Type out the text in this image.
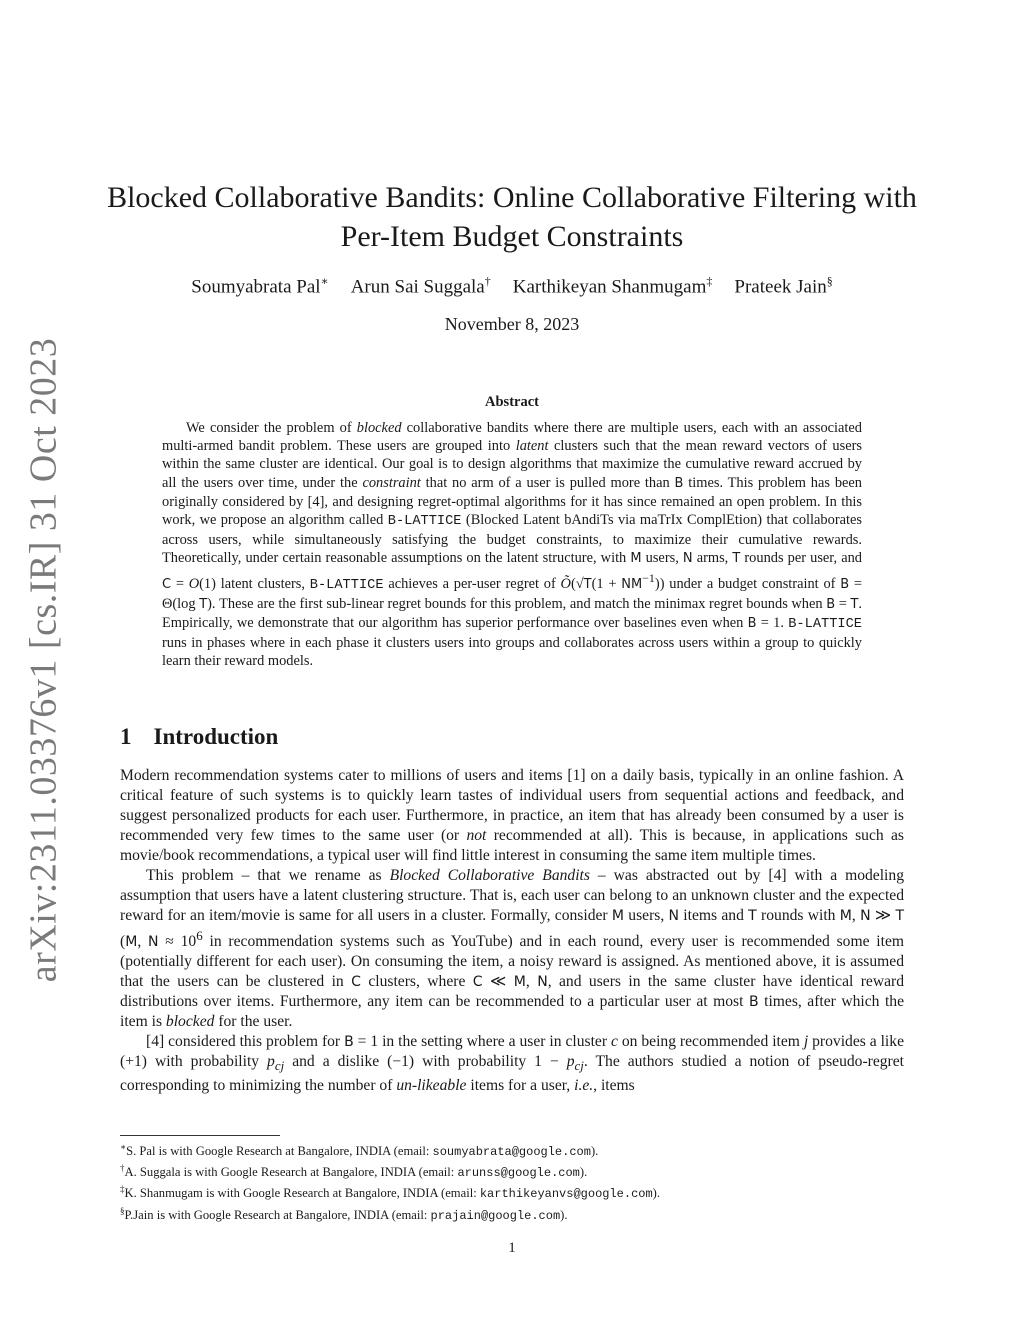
arXiv:2311.03376v1 [cs.IR] 31 Oct 2023
Blocked Collaborative Bandits: Online Collaborative Filtering with
Per-Item Budget Constraints
Soumyabrata Pal∗ Arun Sai Suggala† Karthikeyan Shanmugam‡ Prateek Jain§
November 8, 2023
Abstract

We consider the problem of blocked collaborative bandits where there are multiple users, each with an associated multi-armed bandit problem. These users are grouped into latent clusters such that the mean reward vectors of users within the same cluster are identical. Our goal is to design algorithms that maximize the cumulative reward accrued by all the users over time, under the constraint that no arm of a user is pulled more than B times. This problem has been originally considered by [4], and designing regret-optimal algorithms for it has since remained an open problem. In this work, we propose an algorithm called B-LATTICE (Blocked Latent bAndiTs via maTrIx ComplEtion) that collaborates across users, while simultaneously satisfying the budget constraints, to maximize their cumulative rewards. Theoretically, under certain reasonable assumptions on the latent structure, with M users, N arms, T rounds per user, and C = O(1) latent clusters, B-LATTICE achieves a per-user regret of Õ(√T(1 + $NM^{-1}$)) under a budget constraint of B = Θ(log T). These are the first sub-linear regret bounds for this problem, and match the minimax regret bounds when B = T. Empirically, we demonstrate that our algorithm has superior performance over baselines even when B = 1. B-LATTICE runs in phases where in each phase it clusters users into groups and collaborates across users within a group to quickly learn their reward models.

1 Introduction

Modern recommendation systems cater to millions of users and items [1] on a daily basis, typically in an online fashion. A critical feature of such systems is to quickly learn tastes of individual users from sequential actions and feedback, and suggest personalized products for each user. Furthermore, in practice, an item that has already been consumed by a user is recommended very few times to the same user (or not recommended at all). This is because, in applications such as movie/book recommendations, a typical user will find little interest in consuming the same item multiple times.

This problem – that we rename as Blocked Collaborative Bandits – was abstracted out by [4] with a modeling assumption that users have a latent clustering structure. That is, each user can belong to an unknown cluster and the expected reward for an item/movie is same for all users in a cluster. Formally, consider M users, N items and T rounds with M, N ≫ T (M, $N \approx 10^6$ in recommendation systems such as YouTube) and in each round, every user is recommended some item (potentially different for each user). On consuming the item, a noisy reward is assigned. As mentioned above, it is assumed that the users can be clustered in C clusters, where C ≪ M, N, and users in the same cluster have identical reward distributions over items. Furthermore, any item can be recommended to a particular user at most B times, after which the item is blocked for the user.

[4] considered this problem for B = 1 in the setting where a user in cluster c on being recommended item j provides a like (+1) with probability $p_{cj}$ and a dislike (−1) with probability $1 - p_{cj}$. The authors studied a notion of pseudo-regret corresponding to minimizing the number of un-likeable items for a user, i.e., items

∗S. Pal is with Google Research at Bangalore, INDIA (email: soumyabrata@google.com).
†A. Suggala is with Google Research at Bangalore, INDIA (email: arunss@google.com).
‡K. Shanmugam is with Google Research at Bangalore, INDIA (email: karthikeyanvs@google.com).
§P.Jain is with Google Research at Bangalore, INDIA (email: prajain@google.com).
1
